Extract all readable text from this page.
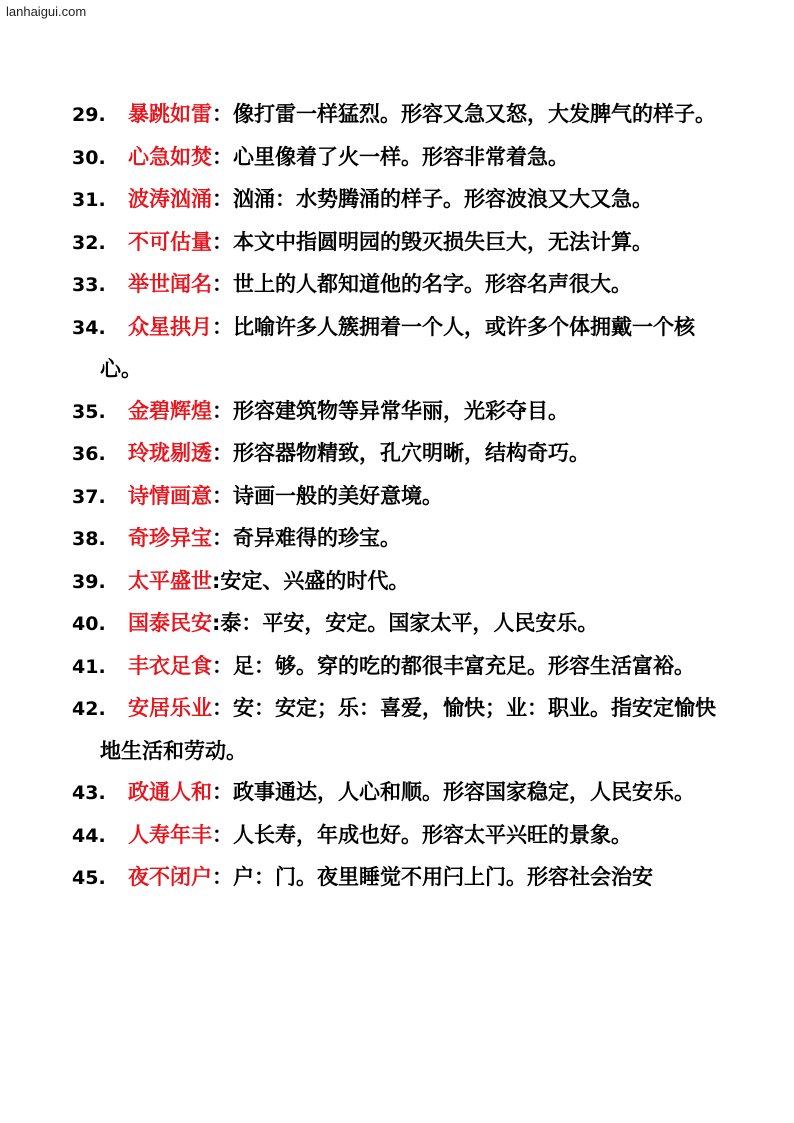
lanhaigui.com

29. 暴跳如雷：像打雷一样猛烈。形容又急又怒，大发脾气的样子。

30. 心急如焚：心里像着了火一样。形容非常着急。

31. 波涛汹涌：汹涌：水势腾涌的样子。形容波浪又大又急。

32. 不可估量：本文中指圆明园的毁灭损失巨大，无法计算。

33. 举世闻名：世上的人都知道他的名字。形容名声很大。

34. 众星拱月：比喻许多人簇拥着一个人，或许多个体拥戴一个核心。

35. 金碧辉煌：形容建筑物等异常华丽，光彩夺目。

36. 玲珑剔透：形容器物精致，孔穴明晰，结构奇巧。

37. 诗情画意：诗画一般的美好意境。

38. 奇珍异宝：奇异难得的珍宝。

39. 太平盛世:安定、兴盛的时代。

40. 国泰民安:泰：平安，安定。国家太平，人民安乐。

41. 丰衣足食：足：够。穿的吃的都很丰富充足。形容生活富裕。

42. 安居乐业：安：安定；乐：喜爱，愉快；业：职业。指安定愉快地生活和劳动。

43. 政通人和：政事通达，人心和顺。形容国家稳定，人民安乐。

44. 人寿年丰：人长寿，年成也好。形容太平兴旺的景象。

45. 夜不闭户：户：门。夜里睡觉不用闩上门。形容社会治安
